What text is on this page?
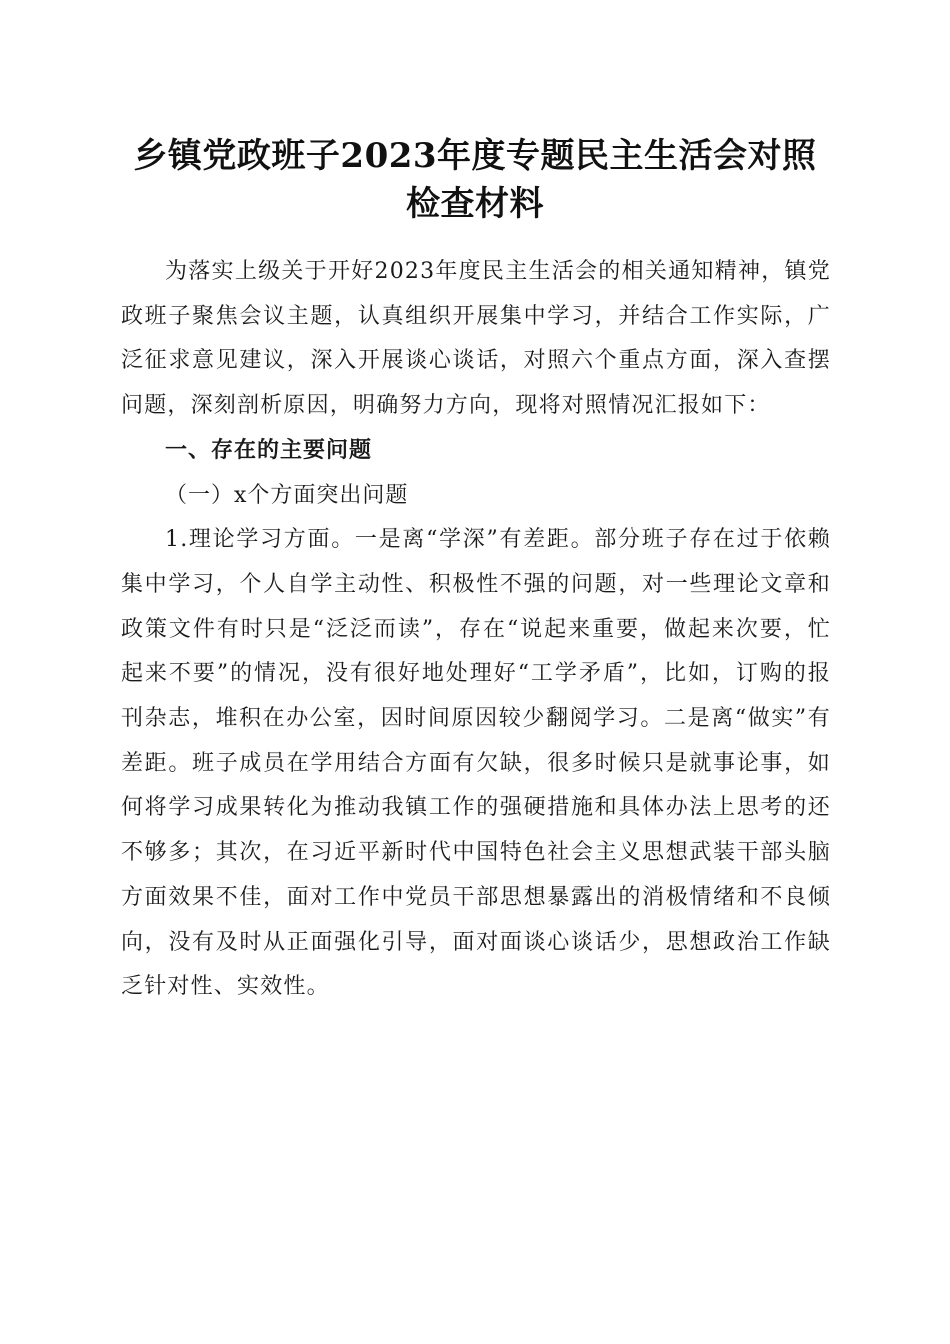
乡镇党政班子2023年度专题民主生活会对照
检查材料

为落实上级关于开好2023年度民主生活会的相关通知精神，镇党政班子聚焦会议主题，认真组织开展集中学习，并结合工作实际，广泛征求意见建议，深入开展谈心谈话，对照六个重点方面，深入查摆问题，深刻剖析原因，明确努力方向，现将对照情况汇报如下：

一、存在的主要问题

（一）x个方面突出问题

1.理论学习方面。一是离“学深”有差距。部分班子存在过于依赖集中学习，个人自学主动性、积极性不强的问题，对一些理论文章和政策文件有时只是“泛泛而读”，存在“说起来重要，做起来次要，忙起来不要”的情况，没有很好地处理好“工学矛盾”，比如，订购的报刊杂志，堆积在办公室，因时间原因较少翻阅学习。二是离“做实”有差距。班子成员在学用结合方面有欠缺，很多时候只是就事论事，如何将学习成果转化为推动我镇工作的强硬措施和具体办法上思考的还不够多；其次，在习近平新时代中国特色社会主义思想武装干部头脑方面效果不佳，面对工作中党员干部思想暴露出的消极情绪和不良倾向，没有及时从正面强化引导，面对面谈心谈话少，思想政治工作缺乏针对性、实效性。
